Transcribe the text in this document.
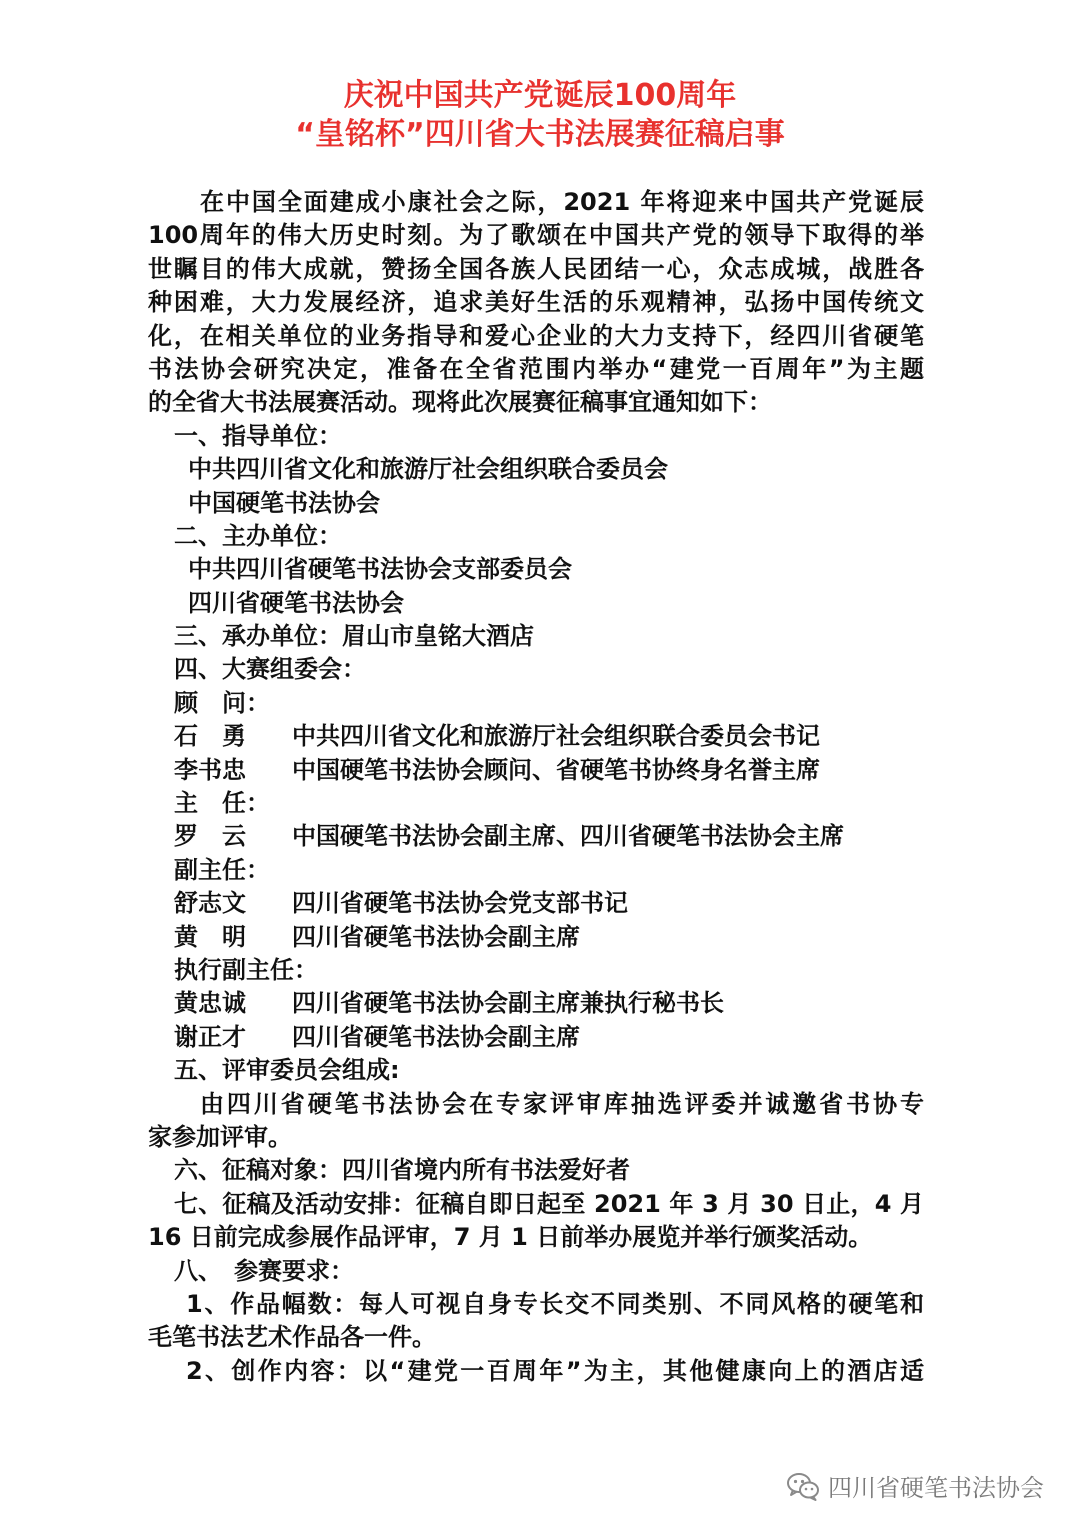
庆祝中国共产党诞辰100周年
“皇铭杯”四川省大书法展赛征稿启事
在中国全面建成小康社会之际，2021 年将迎来中国共产党诞辰
100周年的伟大历史时刻。为了歌颂在中国共产党的领导下取得的举
世瞩目的伟大成就，赞扬全国各族人民团结一心，众志成城，战胜各
种困难，大力发展经济，追求美好生活的乐观精神，弘扬中国传统文
化，在相关单位的业务指导和爱心企业的大力支持下，经四川省硬笔
书法协会研究决定，准备在全省范围内举办“建党一百周年”为主题
的全省大书法展赛活动。现将此次展赛征稿事宜通知如下：
一、指导单位：
中共四川省文化和旅游厅社会组织联合委员会
中国硬笔书法协会
二、主办单位：
中共四川省硬笔书法协会支部委员会
四川省硬笔书法协会
三、承办单位：眉山市皇铭大酒店
四、大赛组委会：
顾　问：
石　勇	中共四川省文化和旅游厅社会组织联合委员会书记
李书忠	中国硬笔书法协会顾问、省硬笔书协终身名誉主席
主　任：
罗　云	中国硬笔书法协会副主席、四川省硬笔书法协会主席
副主任：
舒志文	四川省硬笔书法协会党支部书记
黄　明	四川省硬笔书法协会副主席
执行副主任：
黄忠诚	四川省硬笔书法协会副主席兼执行秘书长
谢正才	四川省硬笔书法协会副主席
五、评审委员会组成:
由四川省硬笔书法协会在专家评审库抽选评委并诚邀省书协专
家参加评审。
六、征稿对象：四川省境内所有书法爱好者
七、征稿及活动安排：征稿自即日起至 2021 年 3 月 30 日止，4 月
16 日前完成参展作品评审，7 月 1 日前举办展览并举行颁奖活动。
八、　参赛要求：
1、作品幅数：每人可视自身专长交不同类别、不同风格的硬笔和
毛笔书法艺术作品各一件。
2、创作内容：以“建党一百周年”为主，其他健康向上的酒店适
四川省硬笔书法协会
